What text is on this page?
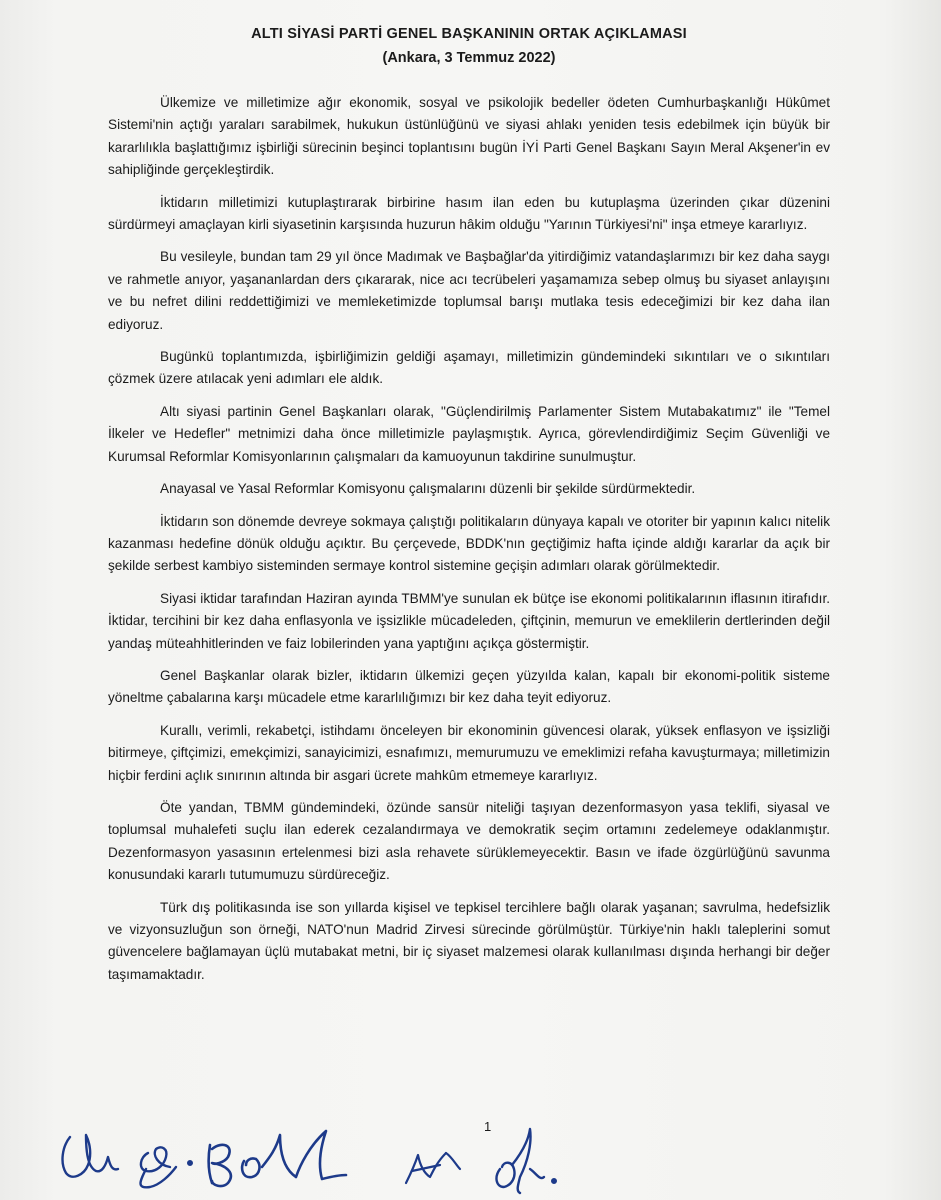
ALTI SİYASİ PARTİ GENEL BAŞKANININ ORTAK AÇIKLAMASI

(Ankara, 3 Temmuz 2022)

Ülkemize ve milletimize ağır ekonomik, sosyal ve psikolojik bedeller ödeten Cumhurbaşkanlığı Hükûmet Sistemi'nin açtığı yaraları sarabilmek, hukukun üstünlüğünü ve siyasi ahlakı yeniden tesis edebilmek için büyük bir kararlılıkla başlattığımız işbirliği sürecinin beşinci toplantısını bugün İYİ Parti Genel Başkanı Sayın Meral Akşener'in ev sahipliğinde gerçekleştirdik.

İktidarın milletimizi kutuplaştırarak birbirine hasım ilan eden bu kutuplaşma üzerinden çıkar düzenini sürdürmeyi amaçlayan kirli siyasetinin karşısında huzurun hâkim olduğu "Yarının Türkiyesi'ni" inşa etmeye kararlıyız.

Bu vesileyle, bundan tam 29 yıl önce Madımak ve Başbağlar'da yitirdiğimiz vatandaşlarımızı bir kez daha saygı ve rahmetle anıyor, yaşananlardan ders çıkararak, nice acı tecrübeleri yaşamamıza sebep olmuş bu siyaset anlayışını ve bu nefret dilini reddettiğimizi ve memleketimizde toplumsal barışı mutlaka tesis edeceğimizi bir kez daha ilan ediyoruz.

Bugünkü toplantımızda, işbirliğimizin geldiği aşamayı, milletimizin gündemindeki sıkıntıları ve o sıkıntıları çözmek üzere atılacak yeni adımları ele aldık.

Altı siyasi partinin Genel Başkanları olarak, "Güçlendirilmiş Parlamenter Sistem Mutabakatımız" ile "Temel İlkeler ve Hedefler" metnimizi daha önce milletimizle paylaşmıştık. Ayrıca, görevlendirdiğimiz Seçim Güvenliği ve Kurumsal Reformlar Komisyonlarının çalışmaları da kamuoyunun takdirine sunulmuştur.

Anayasal ve Yasal Reformlar Komisyonu çalışmalarını düzenli bir şekilde sürdürmektedir.

İktidarın son dönemde devreye sokmaya çalıştığı politikaların dünyaya kapalı ve otoriter bir yapının kalıcı nitelik kazanması hedefine dönük olduğu açıktır. Bu çerçevede, BDDK'nın geçtiğimiz hafta içinde aldığı kararlar da açık bir şekilde serbest kambiyo sisteminden sermaye kontrol sistemine geçişin adımları olarak görülmektedir.

Siyasi iktidar tarafından Haziran ayında TBMM'ye sunulan ek bütçe ise ekonomi politikalarının iflasının itirafıdır. İktidar, tercihini bir kez daha enflasyonla ve işsizlikle mücadeleden, çiftçinin, memurun ve emeklilerin dertlerinden değil yandaş müteahhitlerinden ve faiz lobilerinden yana yaptığını açıkça göstermiştir.

Genel Başkanlar olarak bizler, iktidarın ülkemizi geçen yüzyılda kalan, kapalı bir ekonomi-politik sisteme yöneltme çabalarına karşı mücadele etme kararlılığımızı bir kez daha teyit ediyoruz.

Kurallı, verimli, rekabetçi, istihdamı önceleyen bir ekonominin güvencesi olarak, yüksek enflasyon ve işsizliği bitirmeye, çiftçimizi, emekçimizi, sanayicimizi, esnafımızı, memurumuzu ve emeklimizi refaha kavuşturmaya; milletimizin hiçbir ferdini açlık sınırının altında bir asgari ücrete mahkûm etmemeye kararlıyız.

Öte yandan, TBMM gündemindeki, özünde sansür niteliği taşıyan dezenformasyon yasa teklifi, siyasal ve toplumsal muhalefeti suçlu ilan ederek cezalandırmaya ve demokratik seçim ortamını zedelemeye odaklanmıştır. Dezenformasyon yasasının ertelenmesi bizi asla rehavete sürüklemeyecektir. Basın ve ifade özgürlüğünü savunma konusundaki kararlı tutumumuzu sürdüreceğiz.

Türk dış politikasında ise son yıllarda kişisel ve tepkisel tercihlere bağlı olarak yaşanan; savrulma, hedefsizlik ve vizyonsuzluğun son örneği, NATO'nun Madrid Zirvesi sürecinde görülmüştür. Türkiye'nin haklı taleplerini somut güvencelere bağlamayan üçlü mutabakat metni, bir iç siyaset malzemesi olarak kullanılması dışında herhangi bir değer taşımamaktadır.

1
